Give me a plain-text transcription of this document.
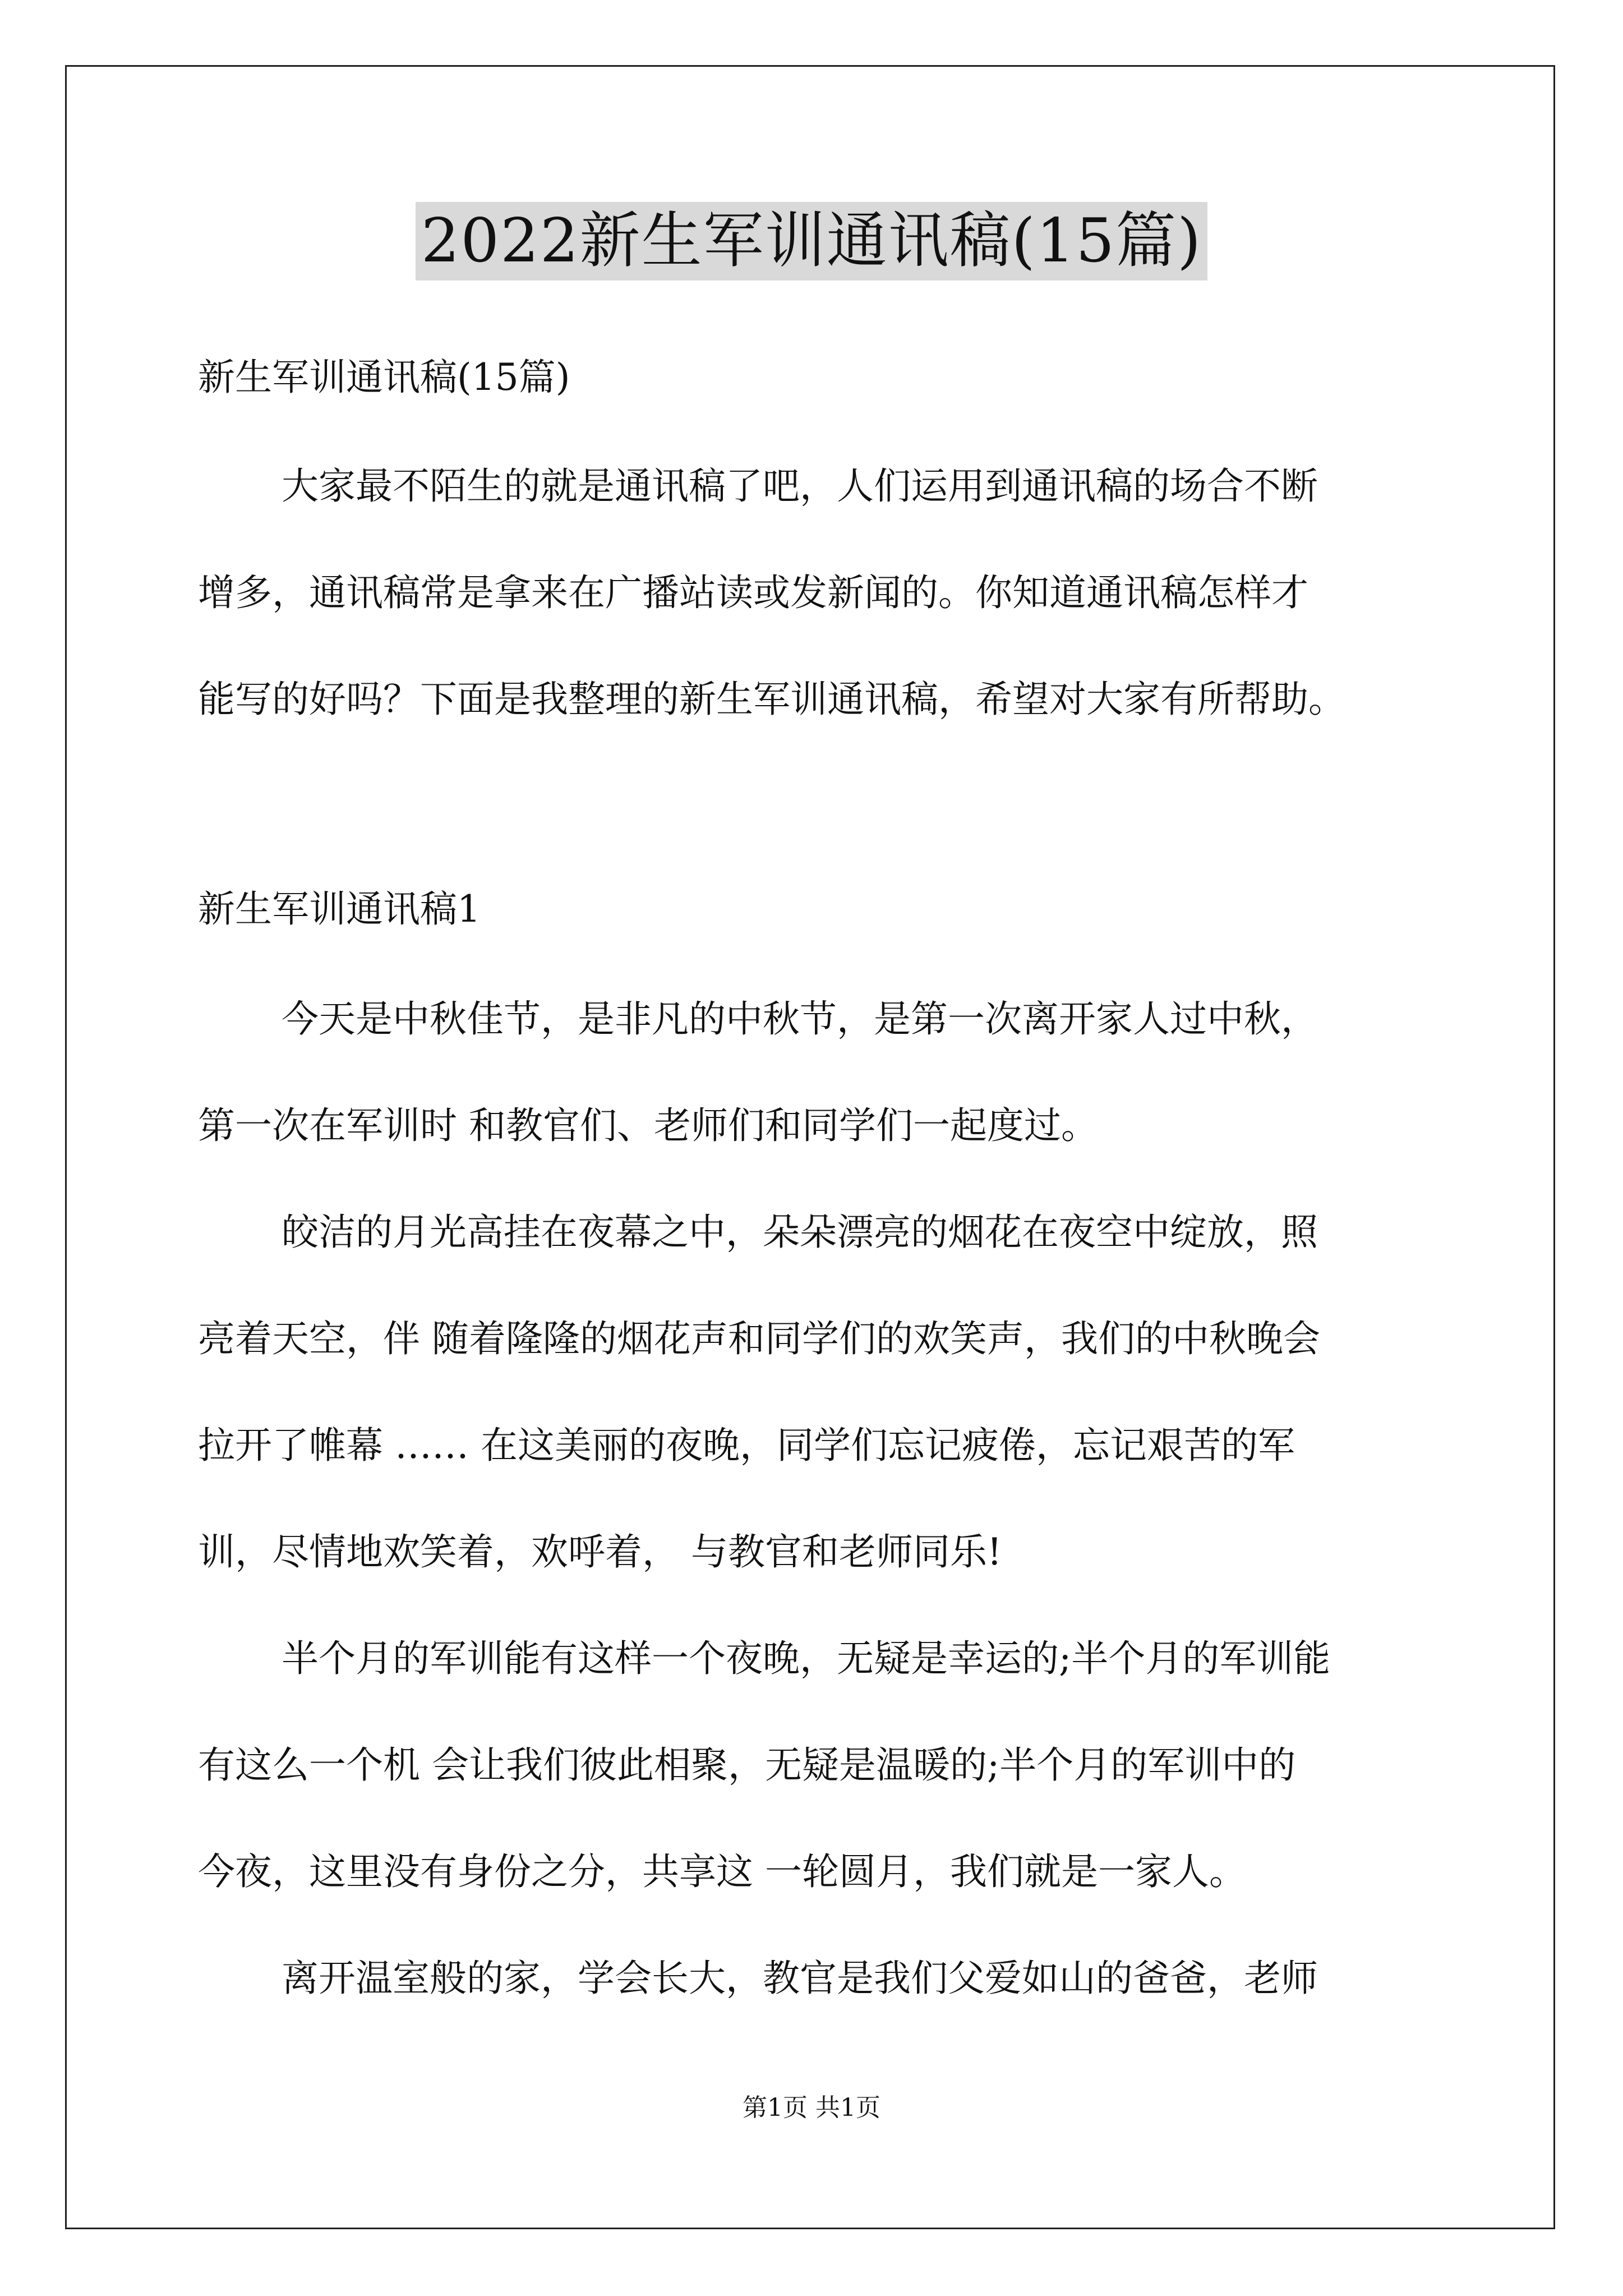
2022新生军训通讯稿(15篇)
新生军训通讯稿(15篇)
大家最不陌生的就是通讯稿了吧，人们运用到通讯稿的场合不断
增多，通讯稿常是拿来在广播站读或发新闻的。你知道通讯稿怎样才
能写的好吗？下面是我整理的新生军训通讯稿，希望对大家有所帮助。
新生军训通讯稿1
今天是中秋佳节，是非凡的中秋节，是第一次离开家人过中秋，
第一次在军训时 和教官们、老师们和同学们一起度过。
皎洁的月光高挂在夜幕之中，朵朵漂亮的烟花在夜空中绽放，照
亮着天空，伴 随着隆隆的烟花声和同学们的欢笑声，我们的中秋晚会
拉开了帷幕 …… 在这美丽的夜晚，同学们忘记疲倦，忘记艰苦的军
训，尽情地欢笑着，欢呼着， 与教官和老师同乐!
半个月的军训能有这样一个夜晚，无疑是幸运的;半个月的军训能
有这么一个机 会让我们彼此相聚，无疑是温暖的;半个月的军训中的
今夜，这里没有身份之分，共享这 一轮圆月，我们就是一家人。
离开温室般的家，学会长大，教官是我们父爱如山的爸爸，老师
第1页 共1页
